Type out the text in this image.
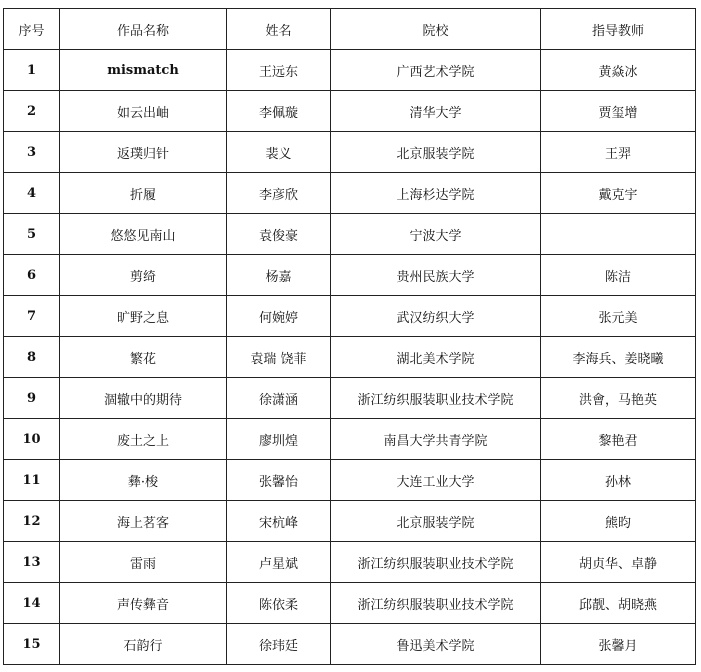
序号	作品名称	姓名	院校	指导教师
1	mismatch	王远东	广西艺术学院	黄焱冰
2	如云出岫	李佩璇	清华大学	贾玺增
3	返璞归针	裴义	北京服装学院	王羿
4	折履	李彦欣	上海杉达学院	戴克宇
5	悠悠见南山	袁俊豪	宁波大学	
6	剪绮	杨嘉	贵州民族大学	陈洁
7	旷野之息	何婉婷	武汉纺织大学	张元美
8	繁花	袁瑞 饶菲	湖北美术学院	李海兵、姜晓曦
9	涸辙中的期待	徐潇涵	浙江纺织服装职业技术学院	洪會，马艳英
10	废土之上	廖圳煌	南昌大学共青学院	黎艳君
11	彝·梭	张馨怡	大连工业大学	孙林
12	海上茗客	宋杭峰	北京服装学院	熊昀
13	雷雨	卢星斌	浙江纺织服装职业技术学院	胡贞华、卓静
14	声传彝音	陈依柔	浙江纺织服装职业技术学院	邱靓、胡晓燕
15	石韵行	徐玮廷	鲁迅美术学院	张馨月
